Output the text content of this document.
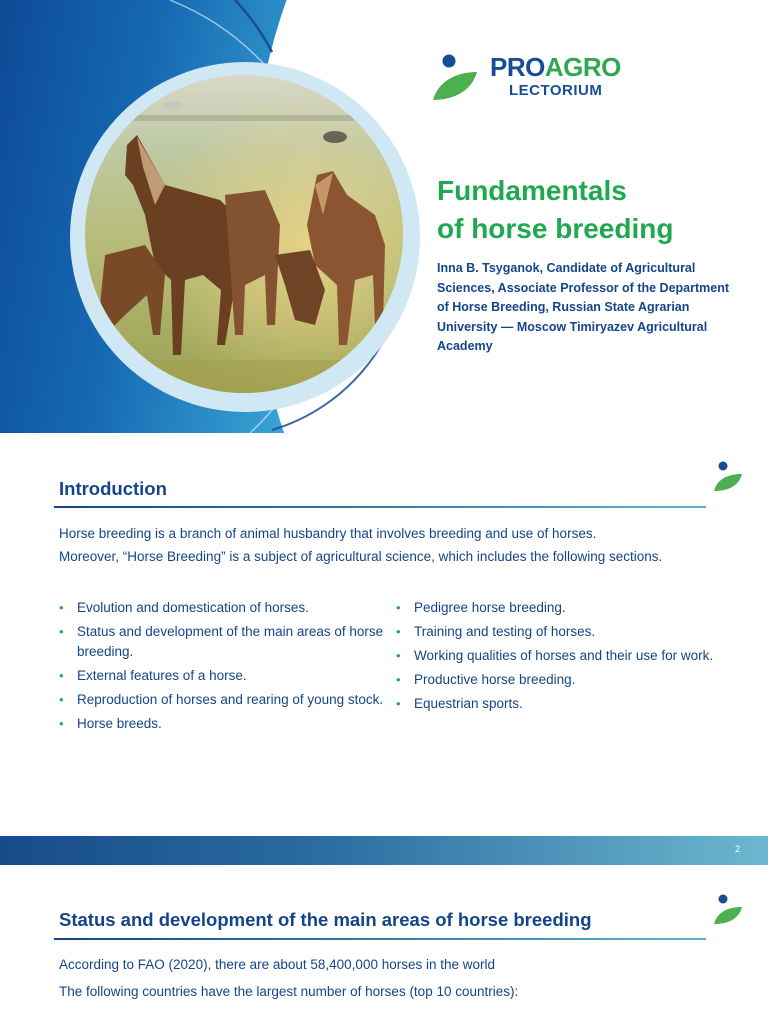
PROAGRO
LECTORIUM
Fundamentals
of horse breeding
Inna B. Tsyganok, Candidate of Agricultural Sciences, Associate Professor of the Department of Horse Breeding, Russian State Agrarian University — Moscow Timiryazev Agricultural Academy
Introduction
Horse breeding is a branch of animal husbandry that involves breeding and use of horses.
Moreover, “Horse Breeding” is a subject of agricultural science, which includes the following sections.
• Evolution and domestication of horses.
• Status and development of the main areas of horse breeding.
• External features of a horse.
• Reproduction of horses and rearing of young stock.
• Horse breeds.
• Pedigree horse breeding.
• Training and testing of horses.
• Working qualities of horses and their use for work.
• Productive horse breeding.
• Equestrian sports.
2
Status and development of the main areas of horse breeding
According to FAO (2020), there are about 58,400,000 horses in the world
The following countries have the largest number of horses (top 10 countries):
